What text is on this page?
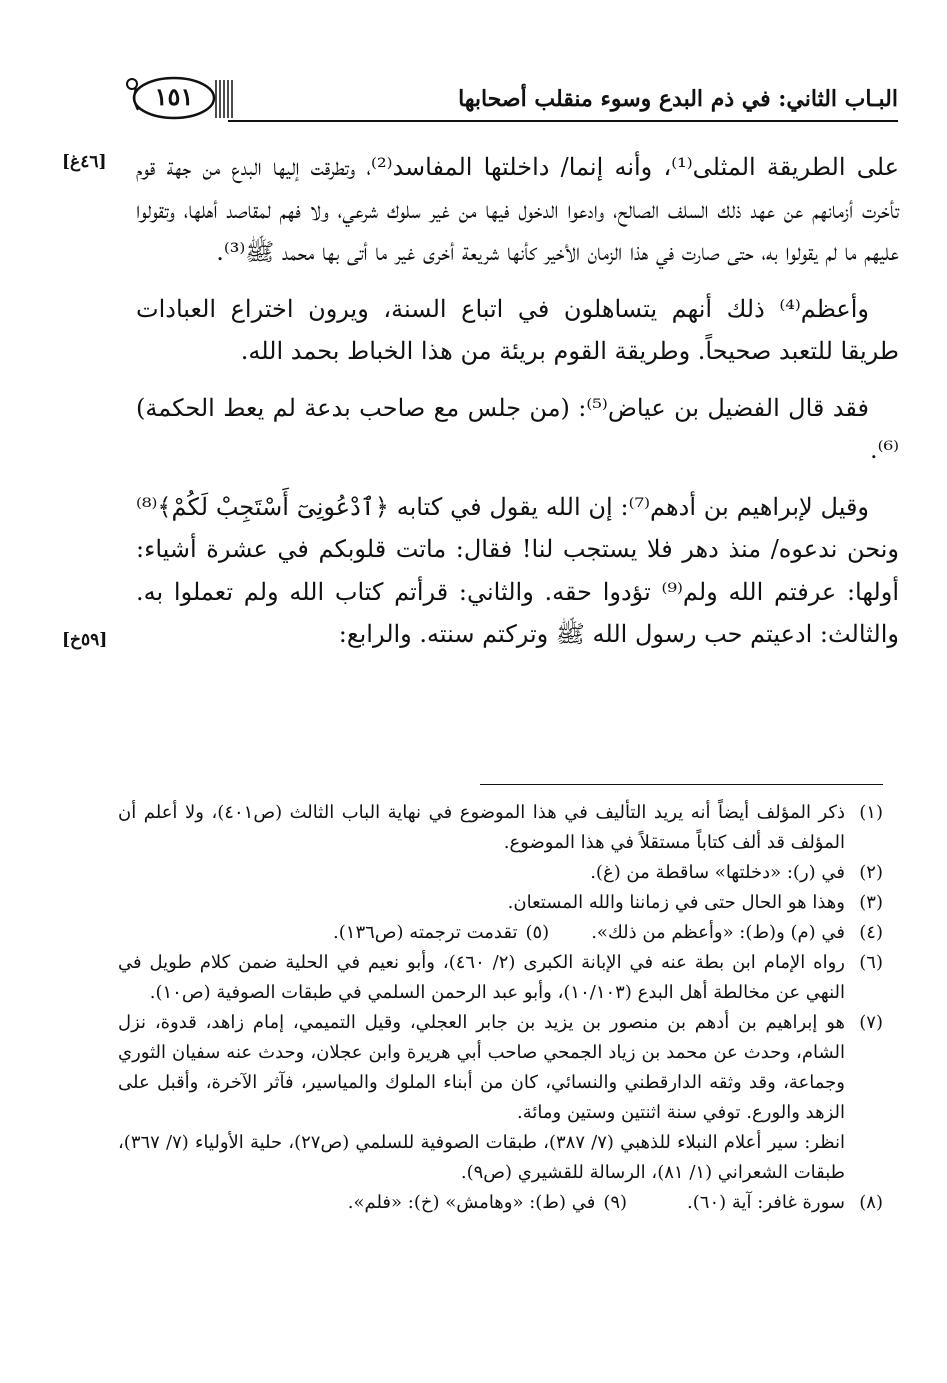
البـاب الثاني: في ذم البدع وسوء منقلب أصحابها
١٥١
[٤٦غ]
[٥٩خ]

على الطريقة المثلى⁽¹⁾، وأنه إنما/ داخلتها المفاسد⁽²⁾، وتطرقت إليها البدع من جهة قوم تأخرت أزمانهم عن عهد ذلك السلف الصالح، وادعوا الدخول فيها من غير سلوك شرعي، ولا فهم لمقاصد أهلها، وتقولوا عليهم ما لم يقولوا به، حتى صارت في هذا الزمان الأخير كأنها شريعة أخرى غير ما أتى بها محمد ﷺ⁽³⁾.

وأعظم⁽⁴⁾ ذلك أنهم يتساهلون في اتباع السنة، ويرون اختراع العبادات طريقا للتعبد صحيحاً. وطريقة القوم بريئة من هذا الخباط بحمد الله.

فقد قال الفضيل بن عياض⁽⁵⁾: (من جلس مع صاحب بدعة لم يعط الحكمة)⁽⁶⁾.

وقيل لإبراهيم بن أدهم⁽⁷⁾: إن الله يقول في كتابه ﴿ٱدْعُونِىٓ أَسْتَجِبْ لَكُمْ﴾⁽⁸⁾ ونحن ندعوه/ منذ دهر فلا يستجب لنا! فقال: ماتت قلوبكم في عشرة أشياء: أولها: عرفتم الله ولم⁽⁹⁾ تؤدوا حقه. والثاني: قرأتم كتاب الله ولم تعملوا به. والثالث: ادعيتم حب رسول الله ﷺ وتركتم سنته. والرابع:

(١)
ذكر المؤلف أيضاً أنه يريد التأليف في هذا الموضوع في نهاية الباب الثالث (ص٤٠١)، ولا أعلم أن المؤلف قد ألف كتاباً مستقلاً في هذا الموضوع.
(٢)
في (ر): «دخلتها» ساقطة من (غ).
(٣)
وهذا هو الحال حتى في زماننا والله المستعان.
(٤)
في (م) و(ط): «وأعظم من ذلك».
(٥)
تقدمت ترجمته (ص١٣٦).
(٦)
رواه الإمام ابن بطة عنه في الإبانة الكبرى (٢/ ٤٦٠)، وأبو نعيم في الحلية ضمن كلام طويل في النهي عن مخالطة أهل البدع (١٠/١٠٣)، وأبو عبد الرحمن السلمي في طبقات الصوفية (ص١٠).
(٧)
هو إبراهيم بن أدهم بن منصور بن يزيد بن جابر العجلي، وقيل التميمي، إمام زاهد، قدوة، نزل الشام، وحدث عن محمد بن زياد الجمحي صاحب أبي هريرة وابن عجلان، وحدث عنه سفيان الثوري وجماعة، وقد وثقه الدارقطني والنسائي، كان من أبناء الملوك والمياسير، فآثر الآخرة، وأقبل على الزهد والورع. توفي سنة اثنتين وستين ومائة.
انظر: سير أعلام النبلاء للذهبي (٧/ ٣٨٧)، طبقات الصوفية للسلمي (ص٢٧)، حلية الأولياء (٧/ ٣٦٧)، طبقات الشعراني (١/ ٨١)، الرسالة للقشيري (ص٩).
(٨)
سورة غافر: آية (٦٠).
(٩)
في (ط): «وهامش» (خ): «فلم».
